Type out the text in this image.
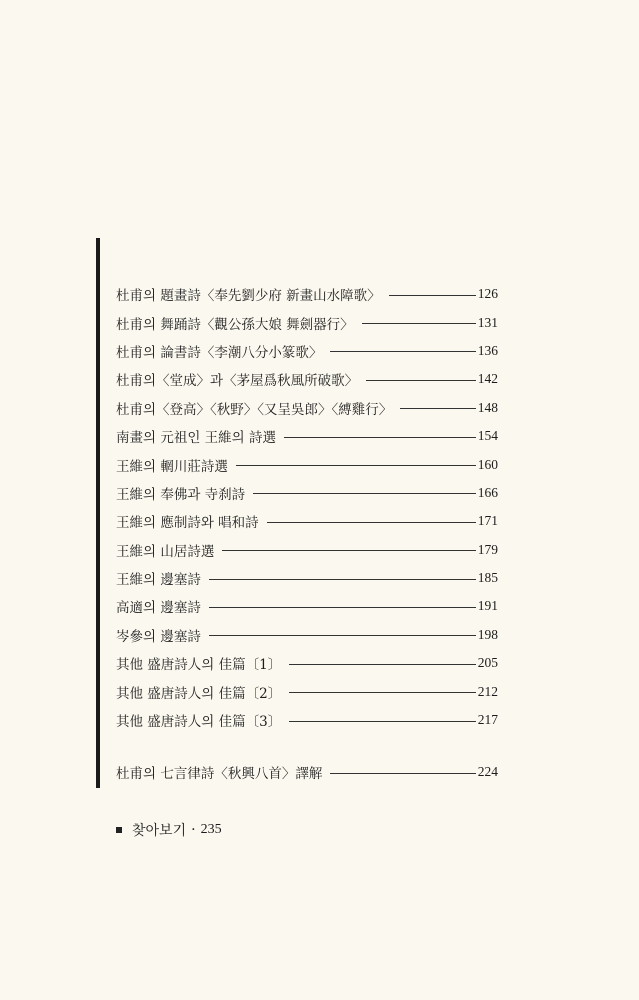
杜甫의 題畫詩〈奉先劉少府 新畫山水障歌〉	126
杜甫의 舞踊詩〈觀公孫大娘 舞劍器行〉	131
杜甫의 論書詩〈李潮八分小篆歌〉	136
杜甫의〈堂成〉과〈茅屋爲秋風所破歌〉	142
杜甫의〈登高〉〈秋野〉〈又呈吳郎〉〈縛雞行〉	148
南畫의 元祖인 王維의 詩選	154
王維의 輞川莊詩選	160
王維의 奉佛과 寺刹詩	166
王維의 應制詩와 唱和詩	171
王維의 山居詩選	179
王維의 邊塞詩	185
高適의 邊塞詩	191
岑參의 邊塞詩	198
其他 盛唐詩人의 佳篇〔1〕	205
其他 盛唐詩人의 佳篇〔2〕	212
其他 盛唐詩人의 佳篇〔3〕	217
杜甫의 七言律詩〈秋興八首〉譯解	224
찾아보기 · 235
